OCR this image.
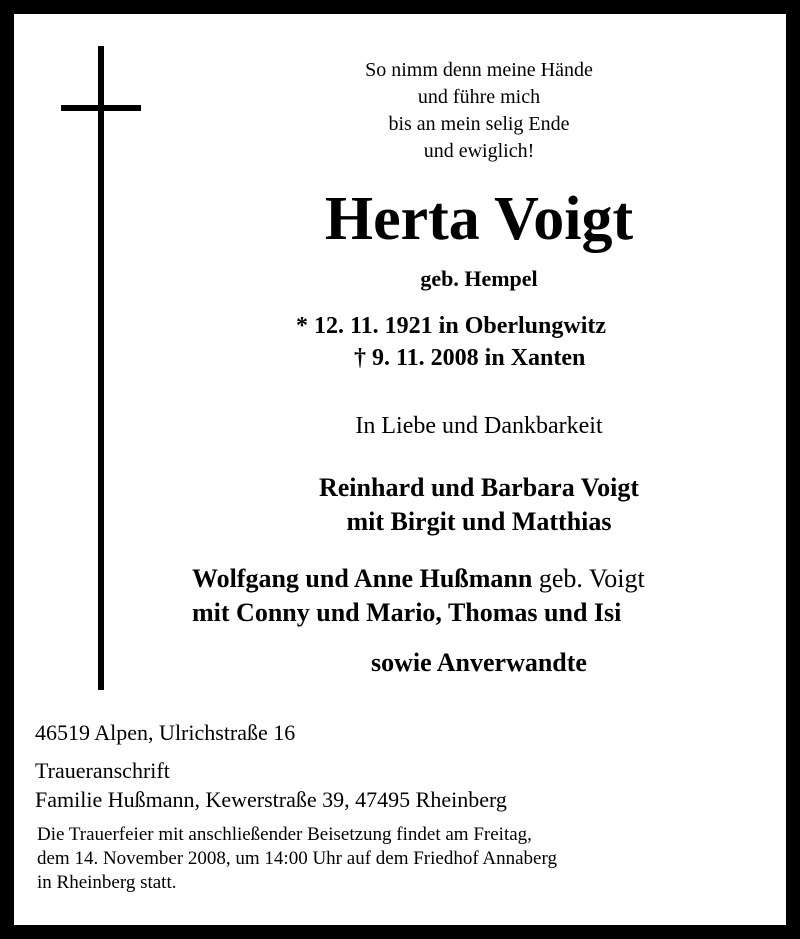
So nimm denn meine Hände
und führe mich
bis an mein selig Ende
und ewiglich!
Herta Voigt
geb. Hempel
* 12. 11. 1921 in Oberlungwitz
† 9. 11. 2008 in Xanten
In Liebe und Dankbarkeit
Reinhard und Barbara Voigt
mit Birgit und Matthias
Wolfgang und Anne Hußmann geb. Voigt
mit Conny und Mario, Thomas und Isi
sowie Anverwandte
46519 Alpen, Ulrichstraße 16
Traueranschrift
Familie Hußmann, Kewerstraße 39, 47495 Rheinberg
Die Trauerfeier mit anschließender Beisetzung findet am Freitag,
dem 14. November 2008, um 14:00 Uhr auf dem Friedhof Annaberg
in Rheinberg statt.
